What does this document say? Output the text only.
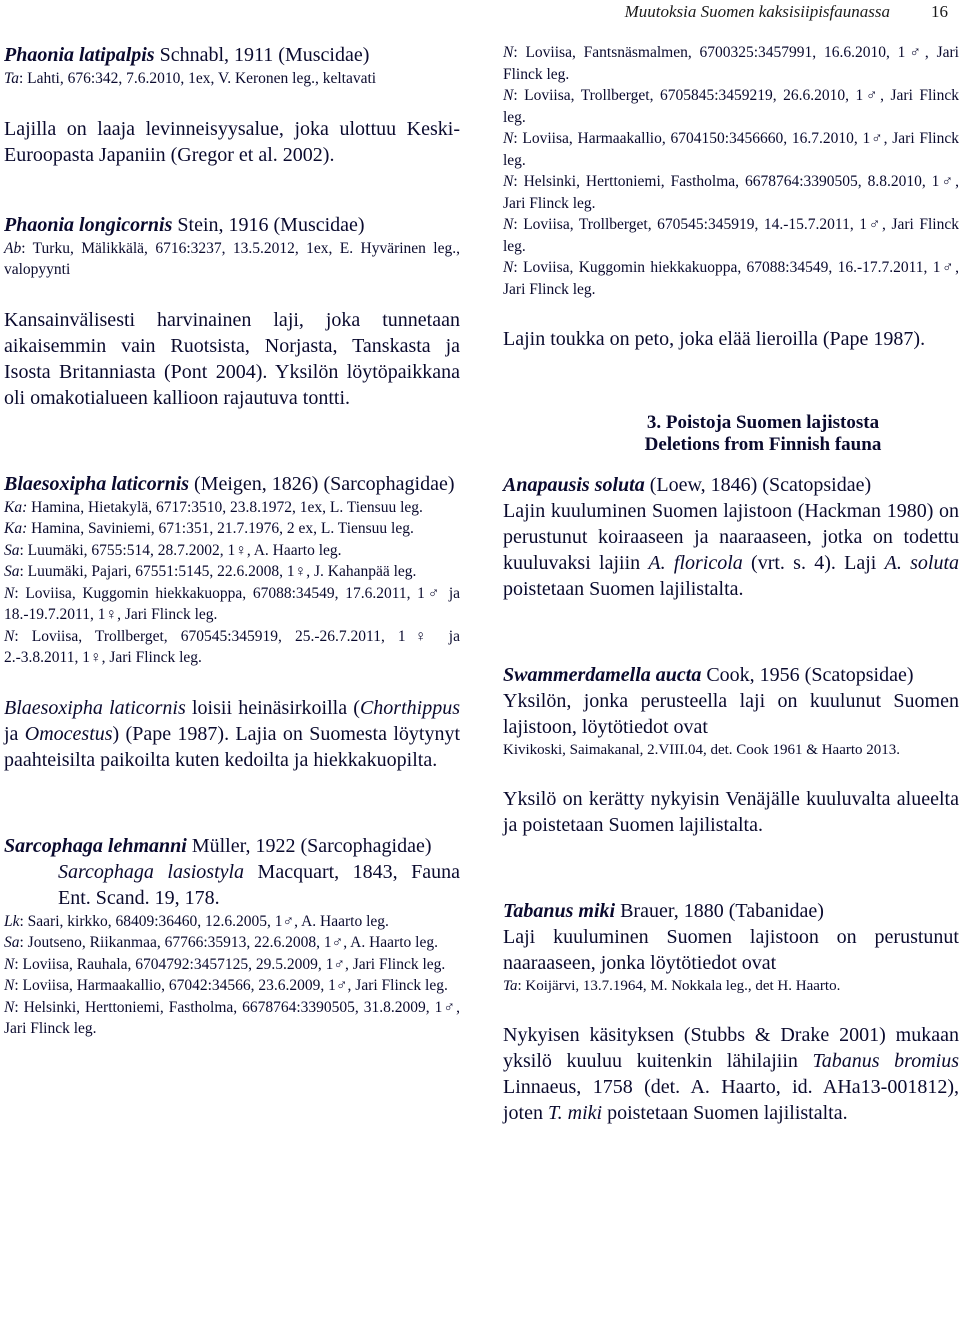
Muutoksia Suomen kaksisiipisfaunassa 16
Phaonia latipalpis Schnabl, 1911 (Muscidae)
Ta: Lahti, 676:342, 7.6.2010, 1ex, V. Keronen leg., keltavati
Lajilla on laaja levinneisyysalue, joka ulottuu Keski-Euroopasta Japaniin (Gregor et al. 2002).
Phaonia longicornis Stein, 1916 (Muscidae)
Ab: Turku, Mälikkälä, 6716:3237, 13.5.2012, 1ex, E. Hyvärinen leg., valopyynti
Kansainvälisesti harvinainen laji, joka tunnetaan aikaisemmin vain Ruotsista, Norjasta, Tanskasta ja Isosta Britanniasta (Pont 2004). Yksilön löytöpaikkana oli omakotialueen kallioon rajautuva tontti.
Blaesoxipha laticornis (Meigen, 1826) (Sarcophagidae)
Ka: Hamina, Hietakylä, 6717:3510, 23.8.1972, 1ex, L. Tiensuu leg.
Ka: Hamina, Saviniemi, 671:351, 21.7.1976, 2 ex, L. Tiensuu leg.
Sa: Luumäki, 6755:514, 28.7.2002, 1♀, A. Haarto leg.
Sa: Luumäki, Pajari, 67551:5145, 22.6.2008, 1♀, J. Kahanpää leg.
N: Loviisa, Kuggomin hiekkakuoppa, 67088:34549, 17.6.2011, 1♂ ja 18.-19.7.2011, 1♀, Jari Flinck leg.
N: Loviisa, Trollberget, 670545:345919, 25.-26.7.2011, 1♀ ja 2.-3.8.2011, 1♀, Jari Flinck leg.
Blaesoxipha laticornis loisii heinäsirkoilla (Chorthippus ja Omocestus) (Pape 1987). Lajia on Suomesta löytynyt paahteisilta paikoilta kuten kedoilta ja hiekkakuopilta.
Sarcophaga lehmanni Müller, 1922 (Sarcophagidae)
Sarcophaga lasiostyla Macquart, 1843, Fauna Ent. Scand. 19, 178.
Lk: Saari, kirkko, 68409:36460, 12.6.2005, 1♂, A. Haarto leg.
Sa: Joutseno, Riikanmaa, 67766:35913, 22.6.2008, 1♂, A. Haarto leg.
N: Loviisa, Rauhala, 6704792:3457125, 29.5.2009, 1♂, Jari Flinck leg.
N: Loviisa, Harmaakallio, 67042:34566, 23.6.2009, 1♂, Jari Flinck leg.
N: Helsinki, Herttoniemi, Fastholma, 6678764:3390505, 31.8.2009, 1♂, Jari Flinck leg.
N: Loviisa, Fantsnäsmalmen, 6700325:3457991, 16.6.2010, 1♂, Jari Flinck leg.
N: Loviisa, Trollberget, 6705845:3459219, 26.6.2010, 1♂, Jari Flinck leg.
N: Loviisa, Harmaakallio, 6704150:3456660, 16.7.2010, 1♂, Jari Flinck leg.
N: Helsinki, Herttoniemi, Fastholma, 6678764:3390505, 8.8.2010, 1♂, Jari Flinck leg.
N: Loviisa, Trollberget, 670545:345919, 14.-15.7.2011, 1♂, Jari Flinck leg.
N: Loviisa, Kuggomin hiekkakuoppa, 67088:34549, 16.-17.7.2011, 1♂, Jari Flinck leg.
Lajin toukka on peto, joka elää lieroilla (Pape 1987).
3. Poistoja Suomen lajistosta
Deletions from Finnish fauna
Anapausis soluta (Loew, 1846) (Scatopsidae)
Lajin kuuluminen Suomen lajistoon (Hackman 1980) on perustunut koiraaseen ja naaraaseen, jotka on todettu kuuluvaksi lajiin A. floricola (vrt. s. 4). Laji A. soluta poistetaan Suomen lajilistalta.
Swammerdamella aucta Cook, 1956 (Scatopsidae)
Yksilön, jonka perusteella laji on kuulunut Suomen lajistoon, löytötiedot ovat
Kivikoski, Saimakanal, 2.VIII.04, det. Cook 1961 & Haarto 2013.
Yksilö on kerätty nykyisin Venäjälle kuuluvalta alueelta ja poistetaan Suomen lajilistalta.
Tabanus miki Brauer, 1880 (Tabanidae)
Laji kuuluminen Suomen lajistoon on perustunut naaraaseen, jonka löytötiedot ovat
Ta: Koijärvi, 13.7.1964, M. Nokkala leg., det H. Haarto.
Nykyisen käsityksen (Stubbs & Drake 2001) mukaan yksilö kuuluu kuitenkin lähilajiin Tabanus bromius Linnaeus, 1758 (det. A. Haarto, id. AHa13-001812), joten T. miki poistetaan Suomen lajilistalta.
